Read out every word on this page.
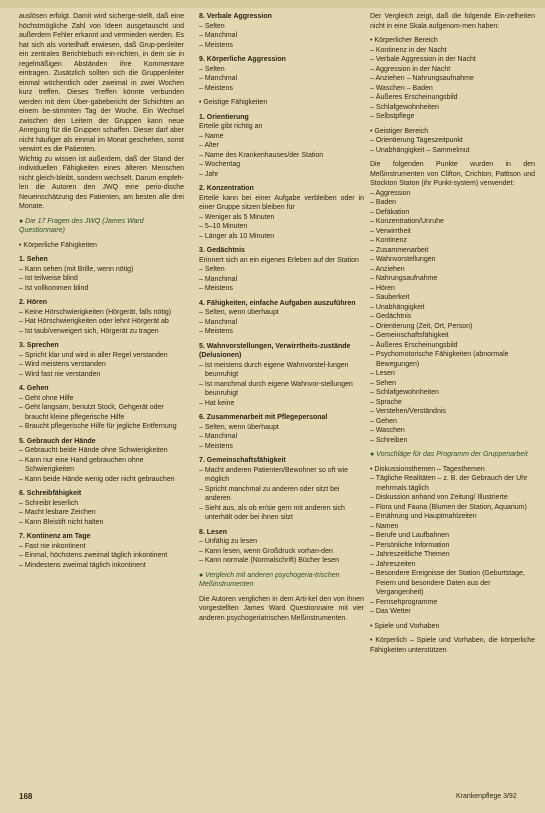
auslösen erfolgt. Damit wird sicherge-stellt, daß eine höchstmögliche Zahl von Ideen ausgetauscht und außerdem Fehler erkannt und vermieden werden. Es hat sich als vorteilhaft erwiesen, daß Grup-penleiter ein zentrales Berichtebuch ein-richten, in dem sie in regelmäßigen Abständen ihre Kommentare eintragen. Zusätzlich sollten sich die Gruppenleiter einmal wöchentlich oder zweimal in zwei Wochen kurz treffen. Dieses Treffen könnte verbunden werden mit dem Über-gabebericht der Schichten an einem be-stimmten Tag der Woche. Ein Wechsel zwischen den Leitern der Gruppen kann neue Anregung für die Gruppen schaffen. Dieser darf aber nicht häufiger als einmal im Monat geschehen, sonst verwirrt es die Patienten.
Wichtig zu wissen ist außerdem, daß der Stand der individuellen Fähigkeiten eines älteren Menschen nicht gleich-bleibt, sondern wechselt. Darum empfeh-len die Autoren den JWQ eine perio-dische Neueinschätzung des Patienten, am besten alle drei Monate.
● Die 17 Fragen des JWQ (James Ward Questionnaire)
• Körperliche Fähigkeiten
1. Sehen
– Kann sehen (mit Brille, wenn nötig)
– Ist teilweise blind
– Ist vollkommen blind
2. Hören
– Keine Hörschwierigkeiten (Hörgerät, falls nötig)
– Hat Hörschwierigkeiten oder lehnt Hörgerät ab
– Ist taub/verweigert sich, Hörgerät zu tragen
3. Sprechen
– Spricht klar und wird in aller Regel verstanden
– Wird meistens verstanden
– Wird fast nie verstanden
4. Gehen
– Geht ohne Hilfe
– Geht langsam, benutzt Stock, Gehgerät oder braucht kleine pflegerische Hilfe
– Braucht pflegerische Hilfe für jegliche Entfernung
5. Gebrauch der Hände
– Gebraucht beide Hände ohne Schwierigkeiten
– Kann nur eine Hand gebrauchen ohne Schwierigkeiten
– Kann beide Hände wenig oder nicht gebrauchen
6. Schreibfähigkeit
– Schreibt leserlich
– Macht lesbare Zeichen
– Kann Bleistift nicht halten
7. Kontinenz am Tage
– Fast nie inkontinent
– Einmal, höchstens zweimal täglich inkontinent
– Mindestens zweimal täglich inkontinent
8. Verbale Aggression
– Selten
– Manchmal
– Meistens
9. Körperliche Aggression
– Selten
– Manchmal
– Meistens
• Geistige Fähigkeiten
1. Orientierung
Erteile gibt richtig an
– Name
– Alter
– Name des Krankenhauses/der Station
– Wochentag
– Jahr
2. Konzentration
Erteile kann bei einer Aufgabe verbleiben oder in einer Gruppe sitzen bleiben für
– Weniger als 5 Minuten
– 5–10 Minuten
– Länger als 10 Minuten
3. Gedächtnis
Erinnert sich an ein eigenes Erleben auf der Station
– Selten
– Manchmal
– Meistens
4. Fähigkeiten, einfache Aufgaben auszuführen
– Selten, wenn überhaupt
– Manchmal
– Meistens
5. Wahnvorstellungen, Verwirrtheits-zustände (Delusionen)
– Ist meistens durch eigene Wahnvorstel-lungen beunruhigt
– Ist manchmal durch eigene Wahnvor-stellungen beunruhigt
– Hat keine
6. Zusammenarbeit mit Pflegepersonal
– Selten, wenn überhaupt
– Manchmal
– Meistens
7. Gemeinschaftsfähigkeit
– Macht anderen Patienten/Bewohner so oft wie möglich
– Spricht manchmal zu anderen oder sitzt bei anderen
– Sieht aus, als ob er/sie gern mit anderen sich unterhält oder bei ihnen sitzt
8. Lesen
– Unfähig zu lesen
– Kann lesen, wenn Großdruck vorhan-den
– Kann normale (Normalschrift) Bücher lesen
● Vergleich mit anderen psychogeria-trischen Meßinstrumenten
Die Autoren verglichen in dem Arti-kel den von ihnen vorgestellten James Ward Questionnaire mit vier anderen psychogeriatrischen Meßinstrumenten.
Der Vergleich zeigt, daß die folgende Ein-zelheiten nicht in eine Skala aufgenom-men haben:
• Körperlicher Bereich
– Kontinenz in der Nacht
– Verbale Aggression in der Nacht
– Aggression in der Nacht
– Anziehen – Nahrungsaufnahme
– Waschen – Baden
– Äußeres Erscheinungsbild
– Schlafgewohnheiten
– Selbstpflege
• Geistiger Bereich
– Orientierung Tageszeitpunkt
– Unabhängigkeit – Sammelmut
Die folgenden Punkte wurden in den Meßinstrumenten von Clifton, Crichton, Pattison und Stockton Staton (ihr Punkt-system) verwendet:
– Aggression
– Baden
– Defäkation
– Konzentration/Unruhe
– Verwirrtheit
– Kontinenz
– Zusammenarbeit
– Wahnvorstellungen
– Anziehen
– Nahrungsaufnahme
– Hören
– Sauberkeit
– Unabhängigkeit
– Gedächtnis
– Orientierung (Zeit, Ort, Person)
– Gemeinschaftsfähigkeit
– Äußeres Erscheinungsbild
– Psychomotorische Fähigkeiten (abnormale Bewegungen)
– Lesen
– Sehen
– Schlafgewohnheiten
– Sprache
– Verstehen/Verständnis
– Gehen
– Waschen
– Schreiben
● Vorschläge für das Programm der Gruppenarbeit
• Diskussionsthemen – Tagesthemen
– Tägliche Realitäten – z. B. der Gebrauch der Uhr mehrmals täglich
– Diskussion anhand von Zeitung/ Illustrierte
– Flora und Fauna (Blumen der Station, Aquarium)
– Ernährung und Hauptmahlzeiten
– Namen
– Berufe und Laufbahnen
– Persönliche Information
– Jahreszeitliche Themen
– Jahreszeiten
– Besondere Ereignisse der Station (Geburtstage, Feiern und besondere Daten aus der Vergangenheit)
– Fernsehprogramme
– Das Wetter
• Spiele und Vorhaben
• Körperlich – Spiele und Vorhaben, die körperliche Fähigkeiten unterstützen
168	Krankenpflege 3/92
